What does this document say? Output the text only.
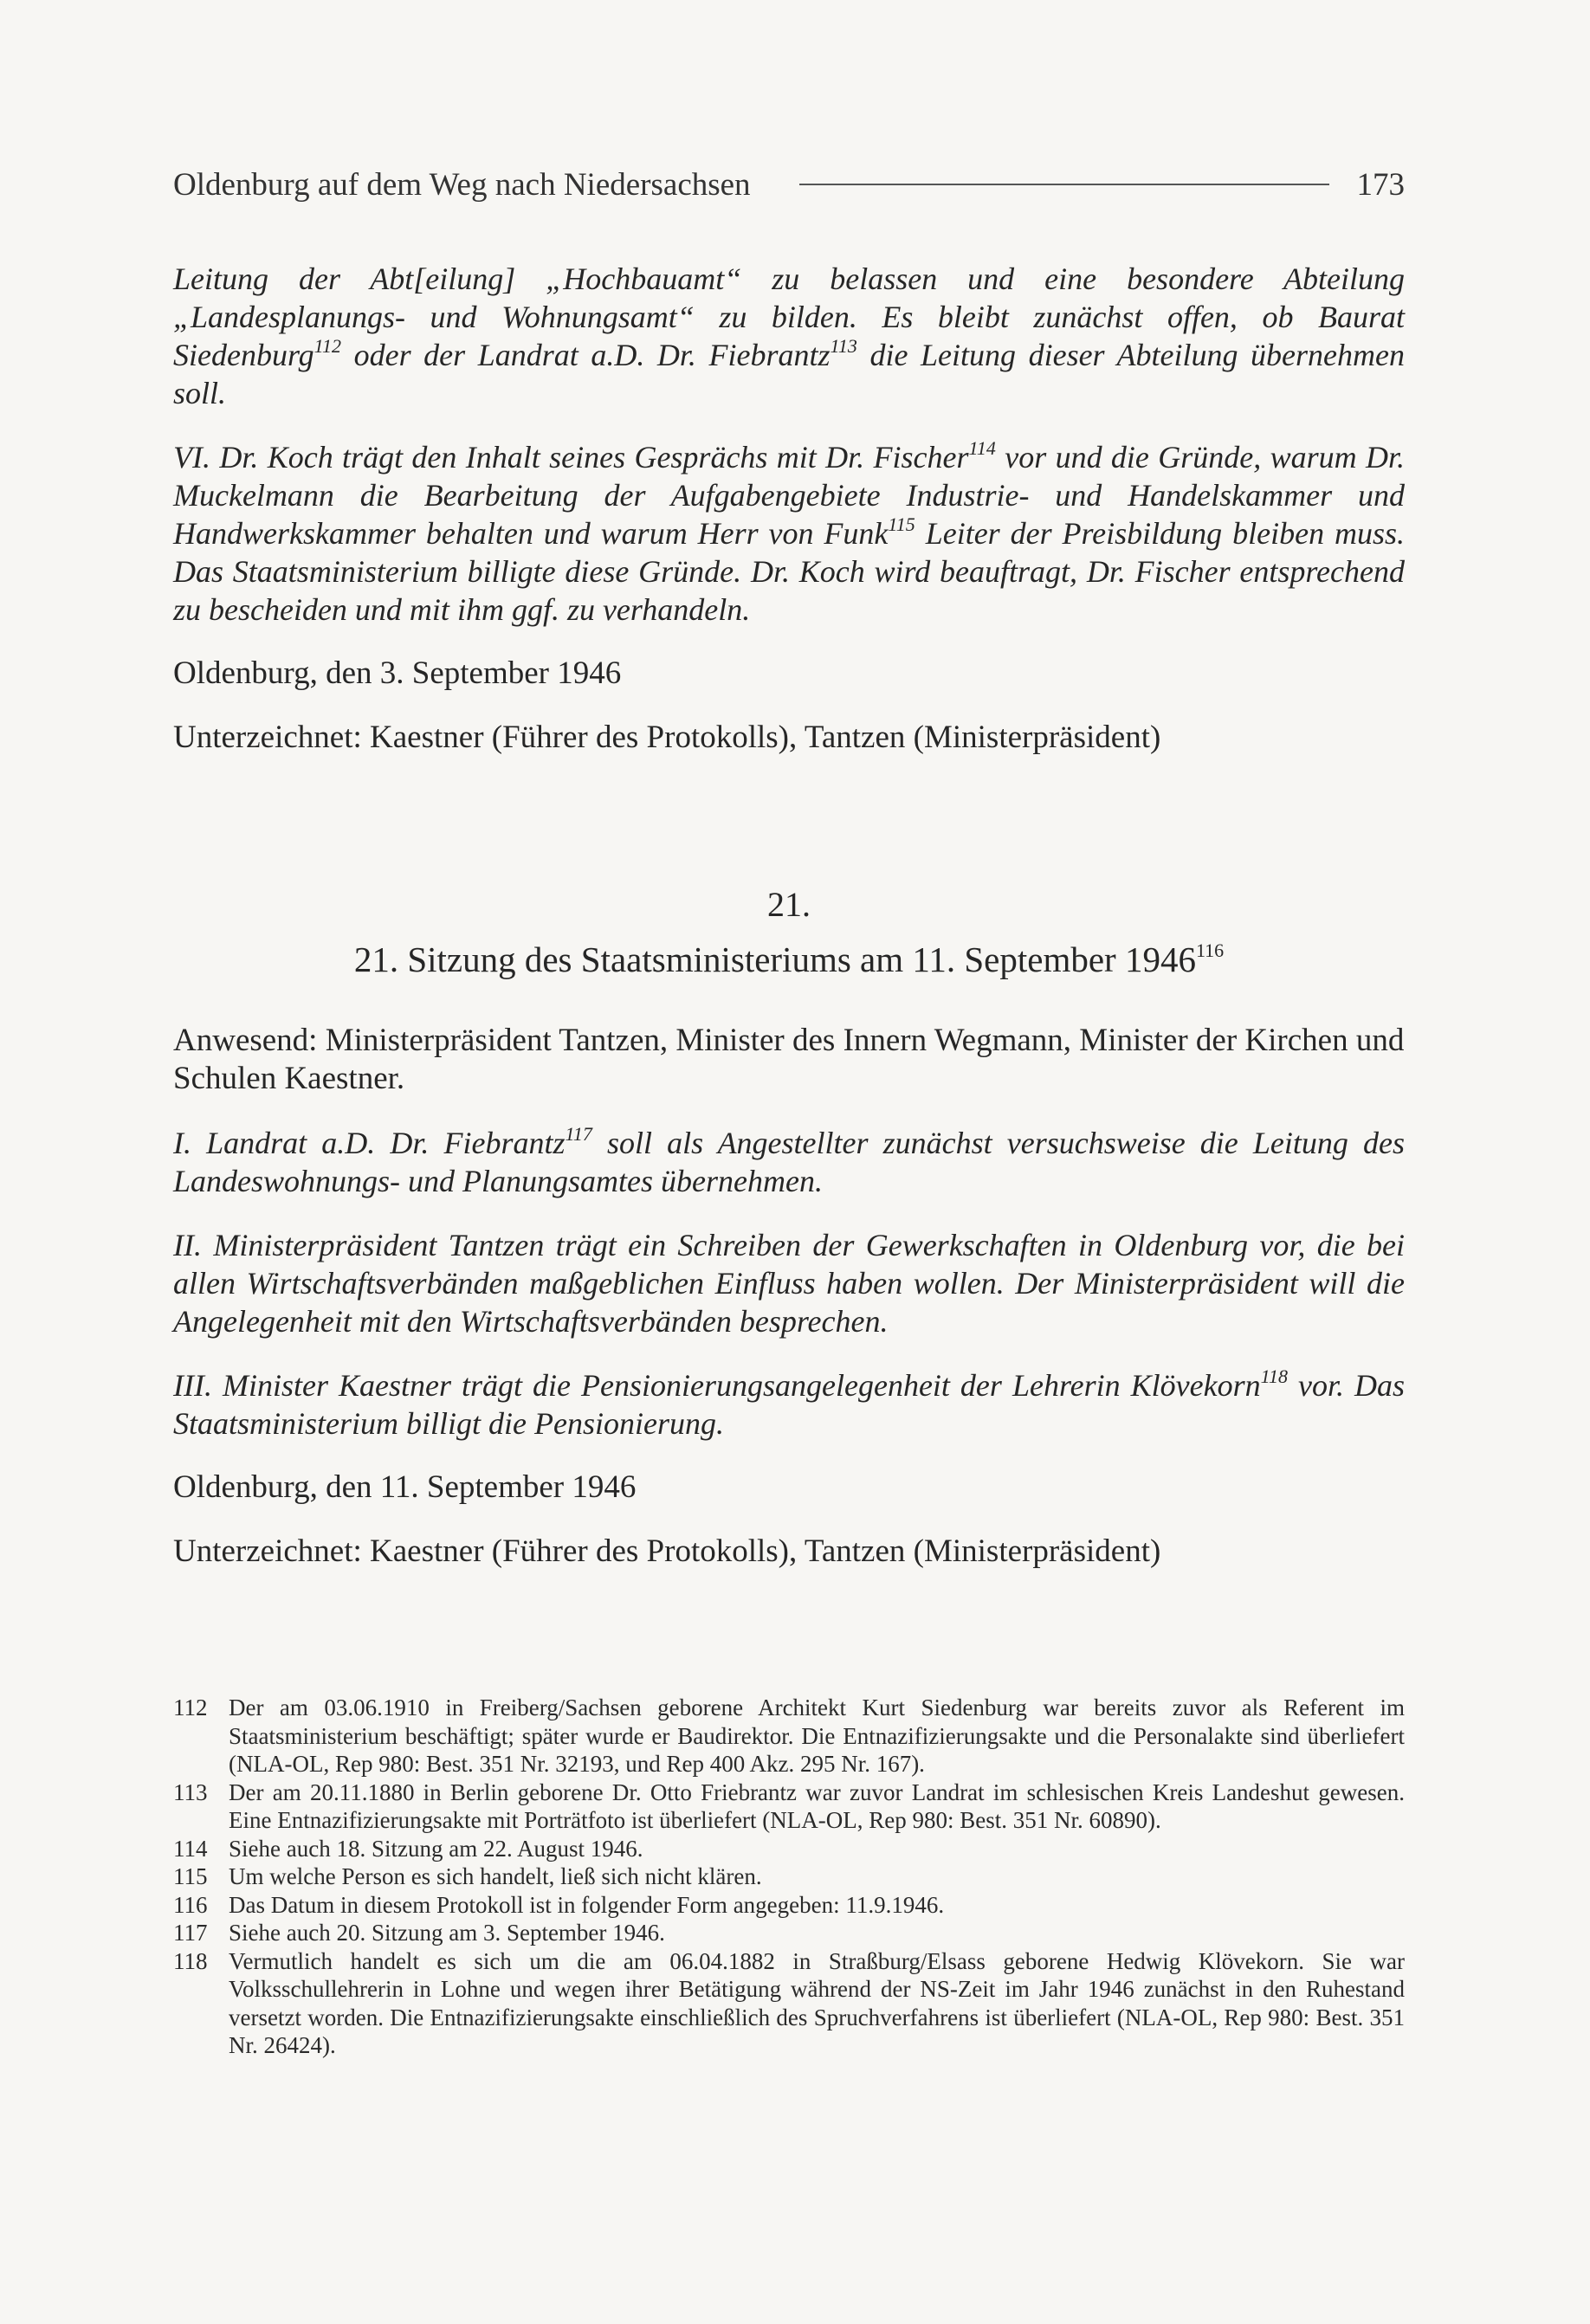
Oldenburg auf dem Weg nach Niedersachsen	173

Leitung der Abt[eilung] „Hochbauamt“ zu belassen und eine besondere Abteilung „Landesplanungs- und Wohnungsamt“ zu bilden. Es bleibt zunächst offen, ob Baurat Siedenburg$^{112}$ oder der Landrat a.D. Dr. Fiebrantz$^{113}$ die Leitung dieser Abteilung übernehmen soll.

VI. Dr. Koch trägt den Inhalt seines Gesprächs mit Dr. Fischer$^{114}$ vor und die Gründe, warum Dr. Muckelmann die Bearbeitung der Aufgabengebiete Industrie- und Handelskammer und Handwerkskammer behalten und warum Herr von Funk$^{115}$ Leiter der Preisbildung bleiben muss. Das Staatsministerium billigte diese Gründe. Dr. Koch wird beauftragt, Dr. Fischer entsprechend zu bescheiden und mit ihm ggf. zu verhandeln.

Oldenburg, den 3. September 1946

Unterzeichnet: Kaestner (Führer des Protokolls), Tantzen (Ministerpräsident)

21.

21. Sitzung des Staatsministeriums am 11. September 1946$^{116}$

Anwesend: Ministerpräsident Tantzen, Minister des Innern Wegmann, Minister der Kirchen und Schulen Kaestner.

I. Landrat a.D. Dr. Fiebrantz$^{117}$ soll als Angestellter zunächst versuchsweise die Leitung des Landeswohnungs- und Planungsamtes übernehmen.

II. Ministerpräsident Tantzen trägt ein Schreiben der Gewerkschaften in Oldenburg vor, die bei allen Wirtschaftsverbänden maßgeblichen Einfluss haben wollen. Der Ministerpräsident will die Angelegenheit mit den Wirtschaftsverbänden besprechen.

III. Minister Kaestner trägt die Pensionierungsangelegenheit der Lehrerin Klövekorn$^{118}$ vor. Das Staatsministerium billigt die Pensionierung.

Oldenburg, den 11. September 1946

Unterzeichnet: Kaestner (Führer des Protokolls), Tantzen (Ministerpräsident)

112 Der am 03.06.1910 in Freiberg/Sachsen geborene Architekt Kurt Siedenburg war bereits zuvor als Referent im Staatsministerium beschäftigt; später wurde er Baudirektor. Die Entnazifizierungsakte und die Personalakte sind überliefert (NLA-OL, Rep 980: Best. 351 Nr. 32193, und Rep 400 Akz. 295 Nr. 167).
113 Der am 20.11.1880 in Berlin geborene Dr. Otto Friebrantz war zuvor Landrat im schlesischen Kreis Landeshut gewesen. Eine Entnazifizierungsakte mit Porträtfoto ist überliefert (NLA-OL, Rep 980: Best. 351 Nr. 60890).
114 Siehe auch 18. Sitzung am 22. August 1946.
115 Um welche Person es sich handelt, ließ sich nicht klären.
116 Das Datum in diesem Protokoll ist in folgender Form angegeben: 11.9.1946.
117 Siehe auch 20. Sitzung am 3. September 1946.
118 Vermutlich handelt es sich um die am 06.04.1882 in Straßburg/Elsass geborene Hedwig Klövekorn. Sie war Volksschullehrerin in Lohne und wegen ihrer Betätigung während der NS-Zeit im Jahr 1946 zunächst in den Ruhestand versetzt worden. Die Entnazifizierungsakte einschließlich des Spruchverfahrens ist überliefert (NLA-OL, Rep 980: Best. 351 Nr. 26424).
